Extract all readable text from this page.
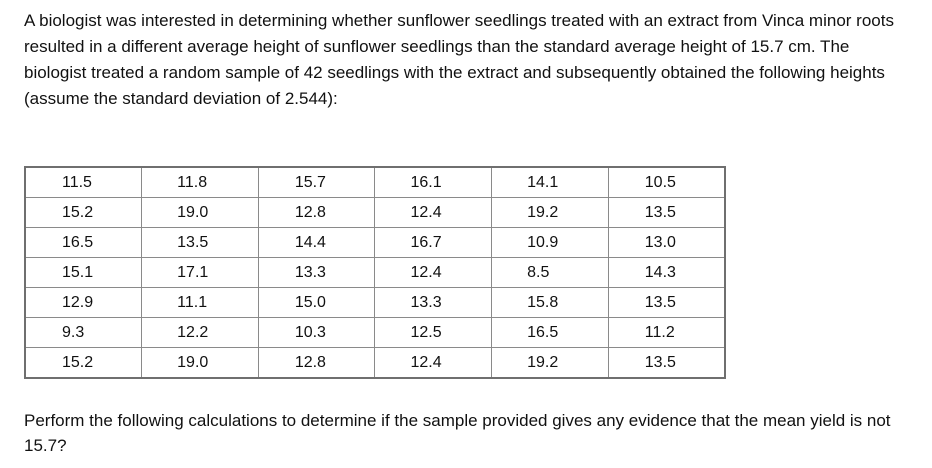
A biologist was interested in determining whether sunflower seedlings treated with an extract from Vinca minor roots resulted in a different average height of sunflower seedlings than the standard average height of 15.7 cm. The biologist treated a random sample of 42 seedlings with the extract and subsequently obtained the following heights (assume the standard deviation of 2.544):

11.5	11.8	15.7	16.1	14.1	10.5
15.2	19.0	12.8	12.4	19.2	13.5
16.5	13.5	14.4	16.7	10.9	13.0
15.1	17.1	13.3	12.4	8.5	14.3
12.9	11.1	15.0	13.3	15.8	13.5
9.3	12.2	10.3	12.5	16.5	11.2
15.2	19.0	12.8	12.4	19.2	13.5

Perform the following calculations to determine if the sample provided gives any evidence that the mean yield is not 15.7?
